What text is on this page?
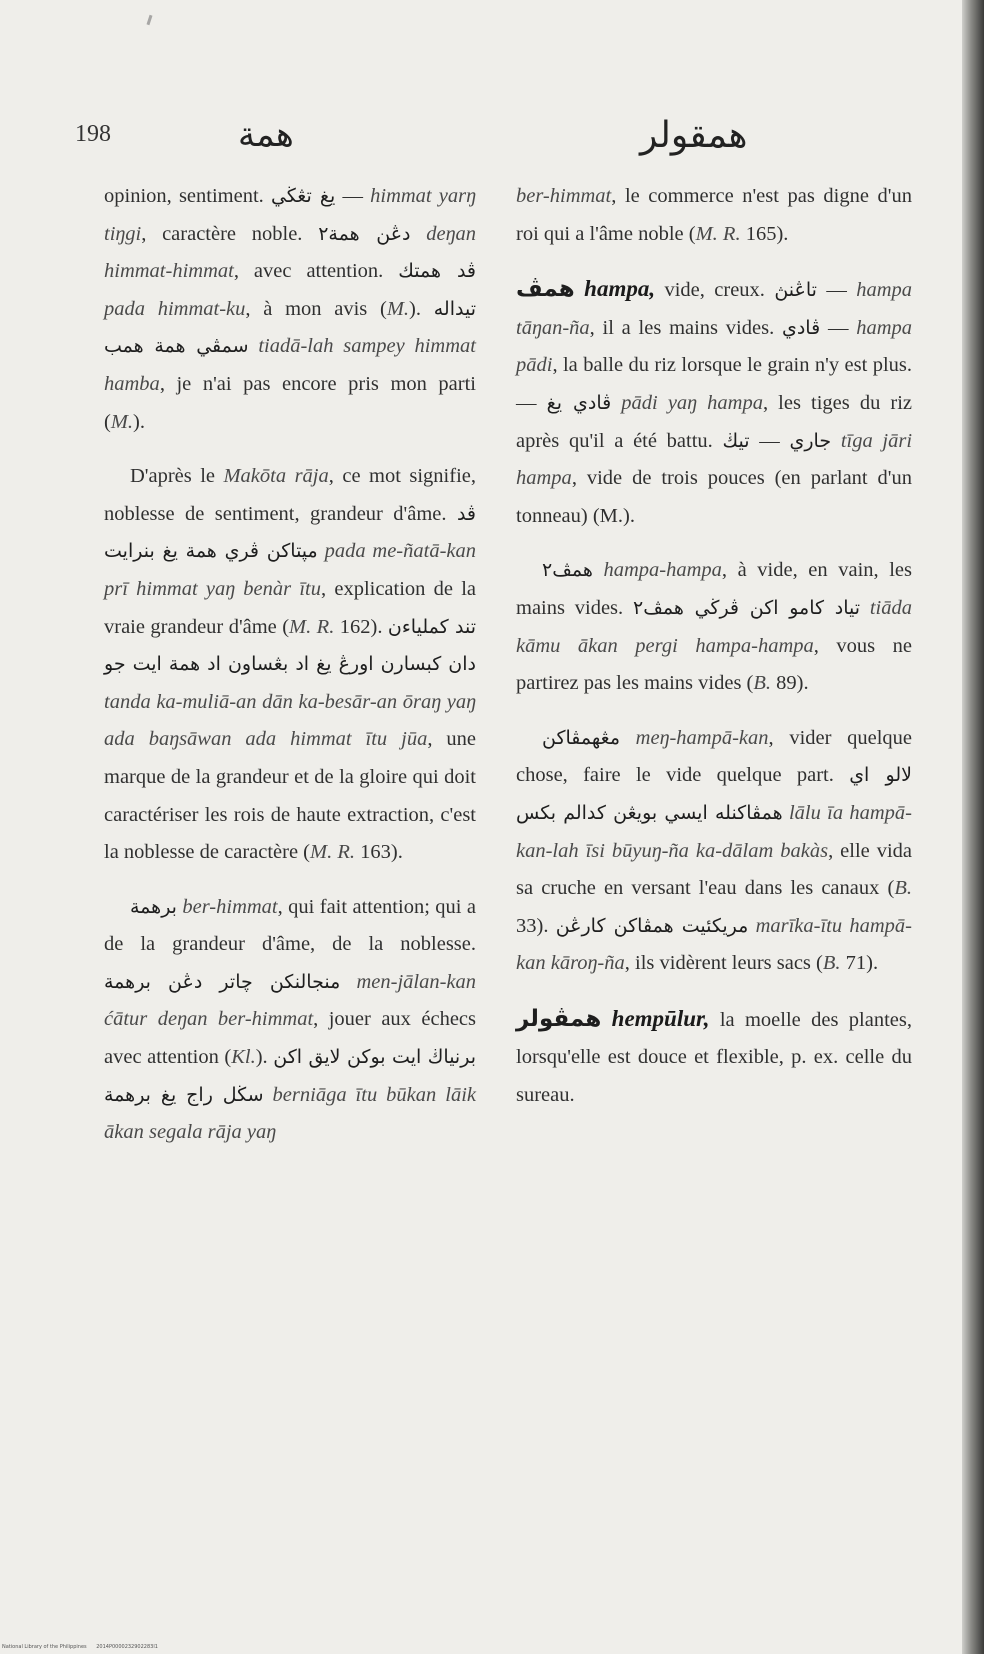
198	همة	همقولر

opinion, sentiment. يغ تڠڬي — himmat yarŋ tiŋgi, caractère noble. دڠن همة٢ deŋan himmat-himmat, avec attention. ڤد همتك pada himmat-ku, à mon avis (M.). تيداله سمڤي همة همب tiadā-lah sampey himmat hamba, je n'ai pas encore pris mon parti (M.).

D'après le Makōta rāja, ce mot signifie, noblesse de sentiment, grandeur d'âme. ڤد مڽتاكن ڤري همة يغ بنرايت pada me-ñatā-kan prī himmat yaŋ benàr ītu, explication de la vraie grandeur d'âme (M. R. 162). تند كملياءن دان كبسارن اورڠ يغ اد بڠساون اد همة ايت جو tanda ka-muliā-an dān ka-besār-an ōraŋ yaŋ ada baŋsāwan ada himmat ītu jūa, une marque de la grandeur et de la gloire qui doit caractériser les rois de haute extraction, c'est la noblesse de caractère (M. R. 163).

برهمة ber-himmat, qui fait attention; qui a de la grandeur d'âme, de la noblesse. منجالنكن چاتر دڠن برهمة men-jālan-kan ćātur deŋan ber-himmat, jouer aux échecs avec attention (Kl.). برنياڬ ايت بوكن لايق اكن سڬل راج يغ برهمة berniāga ītu būkan lāik ākan segala rāja yaŋ

ber-himmat, le commerce n'est pas digne d'un roi qui a l'âme noble (M. R. 165).

همڤ hampa, vide, creux. تاڠنڽ — hampa tāŋan-ña, il a les mains vides. ڤادي — hampa pādi, la balle du riz lorsque le grain n'y est plus. — ڤادي يغ pādi yaŋ hampa, les tiges du riz après qu'il a été battu. تيڬ — جاري tīga jāri hampa, vide de trois pouces (en parlant d'un tonneau) (M.).

همڤ٢ hampa-hampa, à vide, en vain, les mains vides. تياد كامو اكن ڤرڬي همڤ٢ tiāda kāmu ākan pergi hampa-hampa, vous ne partirez pas les mains vides (B. 89).

مڠهمڤاكن meŋ-hampā-kan, vider quelque chose, faire le vide quelque part. لالو اي همڤاكنله ايسي بويڠن كدالم بكس lālu īa hampā-kan-lah īsi būyuŋ-ña ka-dālam bakàs, elle vida sa cruche en versant l'eau dans les canaux (B. 33). مريكئيت همڤاكن كارڠن marīka-ītu hampā-kan kāroŋ-ña, ils vidèrent leurs sacs (B. 71).

همڤولر hempūlur, la moelle des plantes, lorsqu'elle est douce et flexible, p. ex. celle du sureau.

National Library of the Philippines 2014P0000232902283l1
